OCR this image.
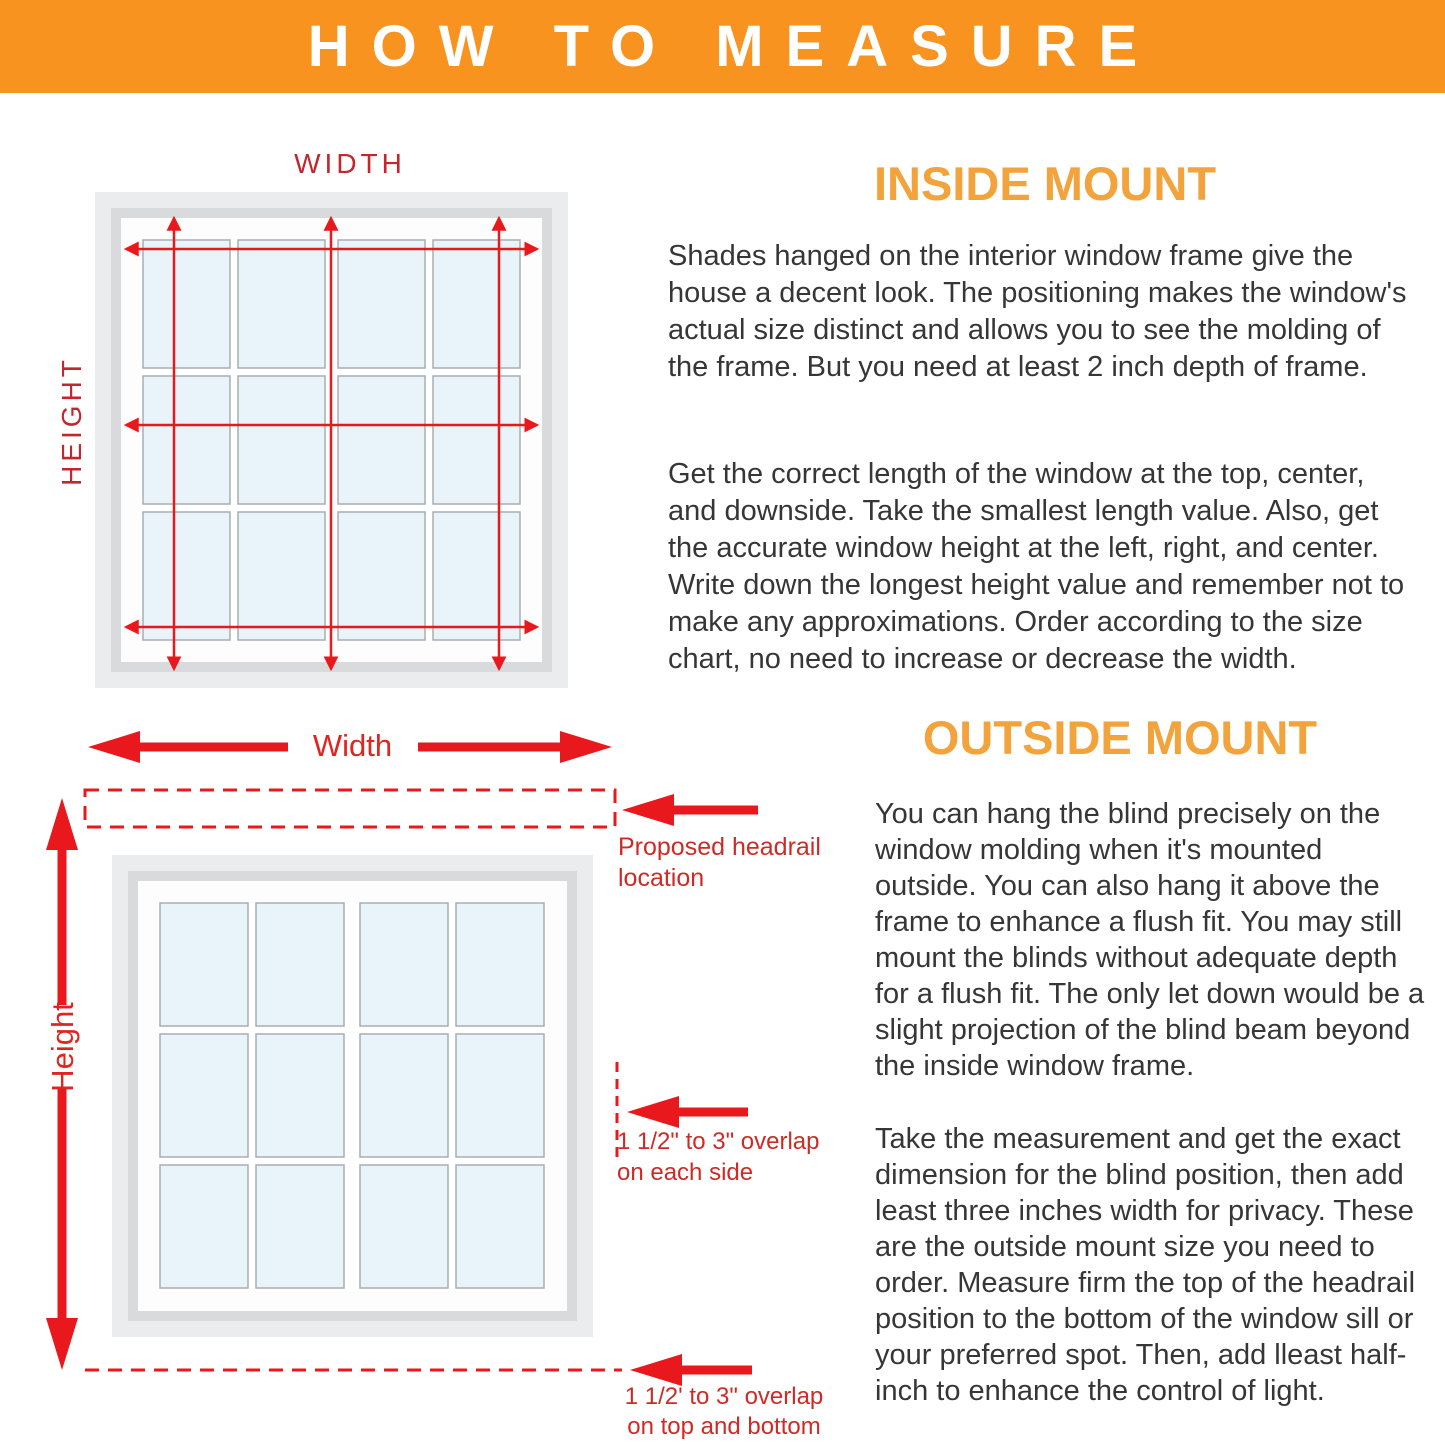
HOW TO MEASURE
WIDTH
HEIGHT
INSIDE MOUNT

Shades hanged on the interior window frame give the house a decent look. The positioning makes the window's actual size distinct and allows you to see the molding of the frame. But you need at least 2 inch depth of frame.

Get the correct length of the window at the top, center, and downside. Take the smallest length value. Also, get the accurate window height at the left, right, and center. Write down the longest height value and remember not to make any approximations. Order according to the size chart, no need to increase or decrease the width.

Width
Height
Proposed headrail location
1 1/2" to 3" overlap on each side
1 1/2' to 3" overlap on top and bottom
OUTSIDE MOUNT

You can hang the blind precisely on the window molding when it's mounted outside. You can also hang it above the frame to enhance a flush fit. You may still mount the blinds without adequate depth for a flush fit. The only let down would be a slight projection of the blind beam beyond the inside window frame.

Take the measurement and get the exact dimension for the blind position, then add least three inches width for privacy. These are the outside mount size you need to order. Measure firm the top of the headrail position to the bottom of the window sill or your preferred spot. Then, add lleast half-inch to enhance the control of light.
